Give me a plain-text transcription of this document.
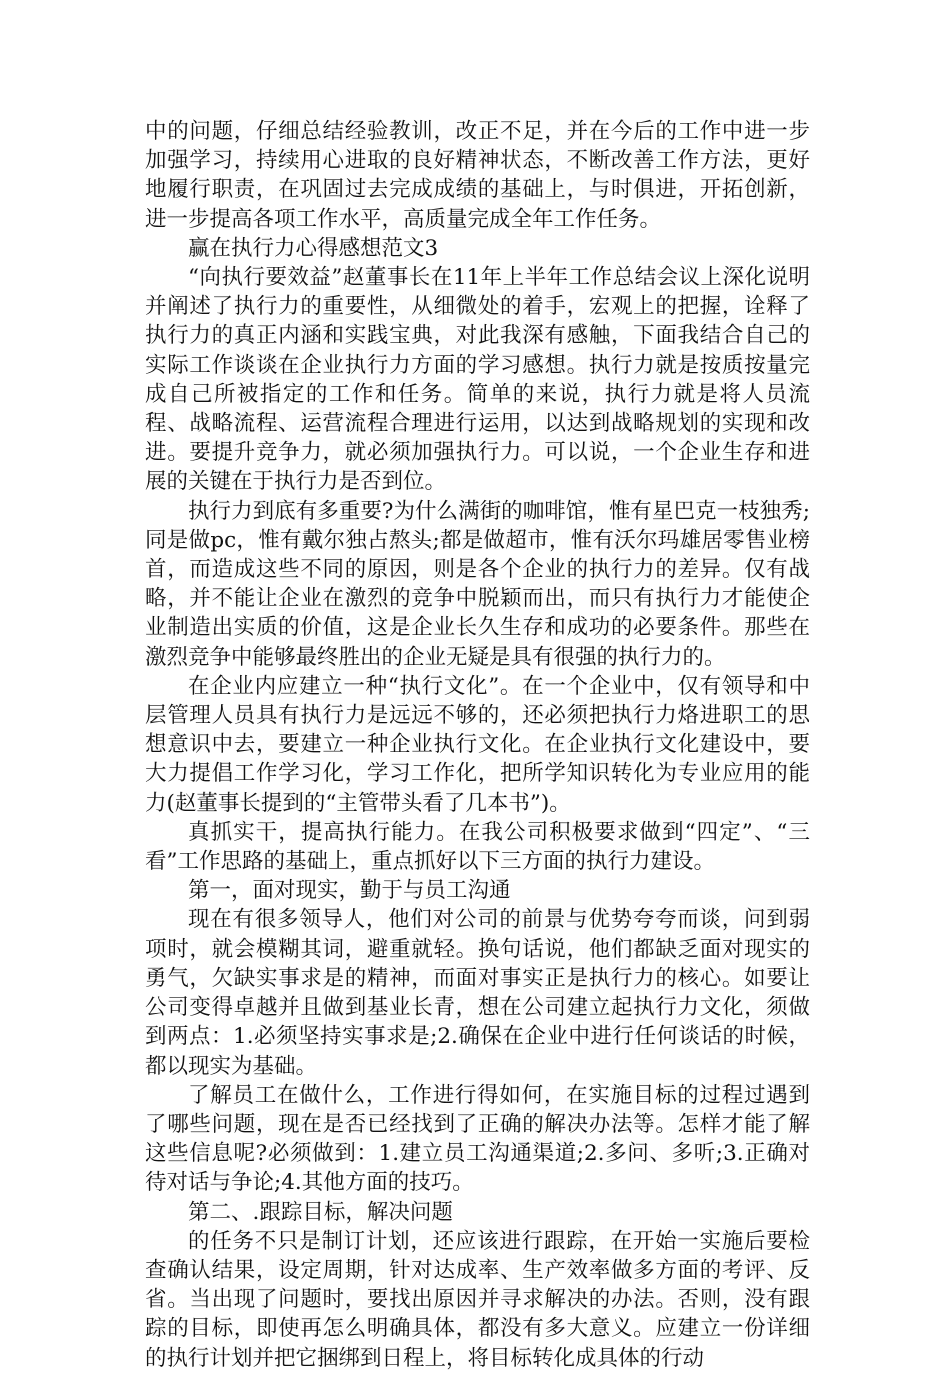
中的问题，仔细总结经验教训，改正不足，并在今后的工作中进一步加强学习，持续用心进取的良好精神状态，不断改善工作方法，更好地履行职责，在巩固过去完成成绩的基础上，与时俱进，开拓创新，进一步提高各项工作水平，高质量完成全年工作任务。

赢在执行力心得感想范文3

“向执行要效益”赵董事长在11年上半年工作总结会议上深化说明并阐述了执行力的重要性，从细微处的着手，宏观上的把握，诠释了执行力的真正内涵和实践宝典，对此我深有感触，下面我结合自己的实际工作谈谈在企业执行力方面的学习感想。执行力就是按质按量完成自己所被指定的工作和任务。简单的来说，执行力就是将人员流程、战略流程、运营流程合理进行运用，以达到战略规划的实现和改进。要提升竞争力，就必须加强执行力。可以说，一个企业生存和进展的关键在于执行力是否到位。

执行力到底有多重要?为什么满街的咖啡馆，惟有星巴克一枝独秀;同是做pc，惟有戴尔独占熬头;都是做超市，惟有沃尔玛雄居零售业榜首，而造成这些不同的原因，则是各个企业的执行力的差异。仅有战略，并不能让企业在激烈的竞争中脱颖而出，而只有执行力才能使企业制造出实质的价值，这是企业长久生存和成功的必要条件。那些在激烈竞争中能够最终胜出的企业无疑是具有很强的执行力的。

在企业内应建立一种“执行文化”。在一个企业中，仅有领导和中层管理人员具有执行力是远远不够的，还必须把执行力烙进职工的思想意识中去，要建立一种企业执行文化。在企业执行文化建设中，要大力提倡工作学习化，学习工作化，把所学知识转化为专业应用的能力(赵董事长提到的“主管带头看了几本书”)。

真抓实干，提高执行能力。在我公司积极要求做到“四定”、“三看”工作思路的基础上，重点抓好以下三方面的执行力建设。

第一，面对现实，勤于与员工沟通

现在有很多领导人，他们对公司的前景与优势夸夸而谈，问到弱项时，就会模糊其词，避重就轻。换句话说，他们都缺乏面对现实的勇气，欠缺实事求是的精神，而面对事实正是执行力的核心。如要让公司变得卓越并且做到基业长青，想在公司建立起执行力文化，须做到两点：1.必须坚持实事求是;2.确保在企业中进行任何谈话的时候，都以现实为基础。

了解员工在做什么，工作进行得如何，在实施目标的过程过遇到了哪些问题，现在是否已经找到了正确的解决办法等。怎样才能了解这些信息呢?必须做到：1.建立员工沟通渠道;2.多问、多听;3.正确对待对话与争论;4.其他方面的技巧。

第二、.跟踪目标，解决问题

的任务不只是制订计划，还应该进行跟踪，在开始一实施后要检查确认结果，设定周期，针对达成率、生产效率做多方面的考评、反省。当出现了问题时，要找出原因并寻求解决的办法。否则，没有跟踪的目标，即使再怎么明确具体，都没有多大意义。应建立一份详细的执行计划并把它捆绑到日程上，将目标转化成具体的行动
